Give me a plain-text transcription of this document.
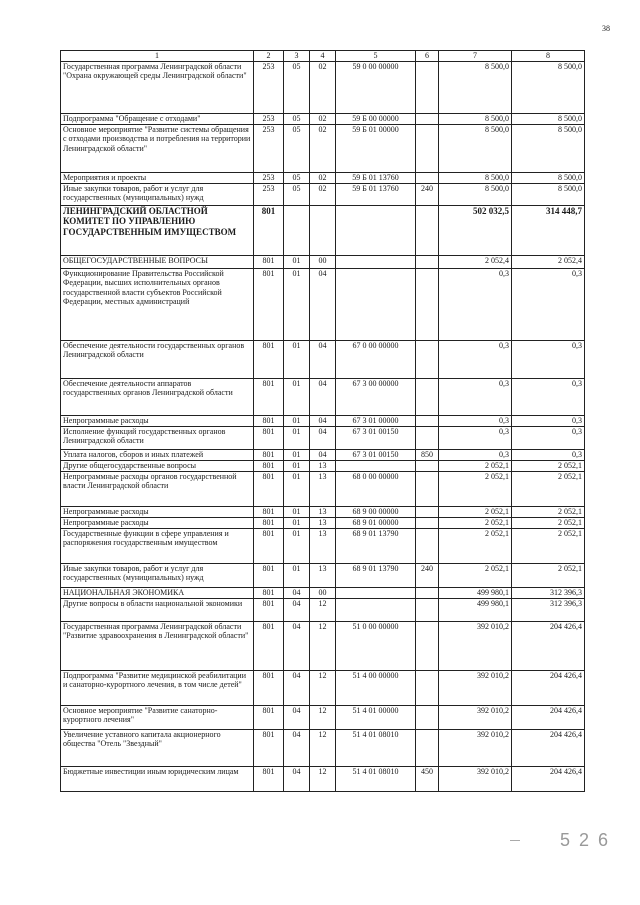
38
1	2	3	4	5	6	7	8
Государственная программа Ленинградской области "Охрана окружающей среды Ленинградской области"	253	05	02	59 0 00 00000		8 500,0	8 500,0
Подпрограмма "Обращение с отходами"	253	05	02	59 Б 00 00000		8 500,0	8 500,0
Основное мероприятие "Развитие системы обращения с отходами производства и потребления на территории Ленинградской области"	253	05	02	59 Б 01 00000		8 500,0	8 500,0
Мероприятия и проекты	253	05	02	59 Б 01 13760		8 500,0	8 500,0
Иные закупки товаров, работ и услуг для государственных (муниципальных) нужд	253	05	02	59 Б 01 13760	240	8 500,0	8 500,0
ЛЕНИНГРАДСКИЙ ОБЛАСТНОЙ КОМИТЕТ ПО УПРАВЛЕНИЮ ГОСУДАРСТВЕННЫМ ИМУЩЕСТВОМ	801					502 032,5	314 448,7
ОБЩЕГОСУДАРСТВЕННЫЕ ВОПРОСЫ	801	01	00			2 052,4	2 052,4
Функционирование Правительства Российской Федерации, высших исполнительных органов государственной власти субъектов Российской Федерации, местных администраций	801	01	04			0,3	0,3
Обеспечение деятельности государственных органов Ленинградской области	801	01	04	67 0 00 00000		0,3	0,3
Обеспечение деятельности аппаратов государственных органов Ленинградской области	801	01	04	67 3 00 00000		0,3	0,3
Непрограммные расходы	801	01	04	67 3 01 00000		0,3	0,3
Исполнение функций государственных органов Ленинградской области	801	01	04	67 3 01 00150		0,3	0,3
Уплата налогов, сборов и иных платежей	801	01	04	67 3 01 00150	850	0,3	0,3
Другие общегосударственные вопросы	801	01	13			2 052,1	2 052,1
Непрограммные расходы органов государственной власти Ленинградской области	801	01	13	68 0 00 00000		2 052,1	2 052,1
Непрограммные расходы	801	01	13	68 9 00 00000		2 052,1	2 052,1
Непрограммные расходы	801	01	13	68 9 01 00000		2 052,1	2 052,1
Государственные функции в сфере управления и распоряжения государственным имуществом	801	01	13	68 9 01 13790		2 052,1	2 052,1
Иные закупки товаров, работ и услуг для государственных (муниципальных) нужд	801	01	13	68 9 01 13790	240	2 052,1	2 052,1
НАЦИОНАЛЬНАЯ ЭКОНОМИКА	801	04	00			499 980,1	312 396,3
Другие вопросы в области национальной экономики	801	04	12			499 980,1	312 396,3
Государственная программа Ленинградской области "Развитие здравоохранения в Ленинградской области"	801	04	12	51 0 00 00000		392 010,2	204 426,4
Подпрограмма "Развитие медицинской реабилитации и санаторно-курортного лечения, в том числе детей"	801	04	12	51 4 00 00000		392 010,2	204 426,4
Основное мероприятие "Развитие санаторно-курортного лечения"	801	04	12	51 4 01 00000		392 010,2	204 426,4
Увеличение уставного капитала акционерного общества "Отель "Звездный"	801	04	12	51 4 01 08010		392 010,2	204 426,4
Бюджетные инвестиции иным юридическим лицам	801	04	12	51 4 01 08010	450	392 010,2	204 426,4
5 2 6
